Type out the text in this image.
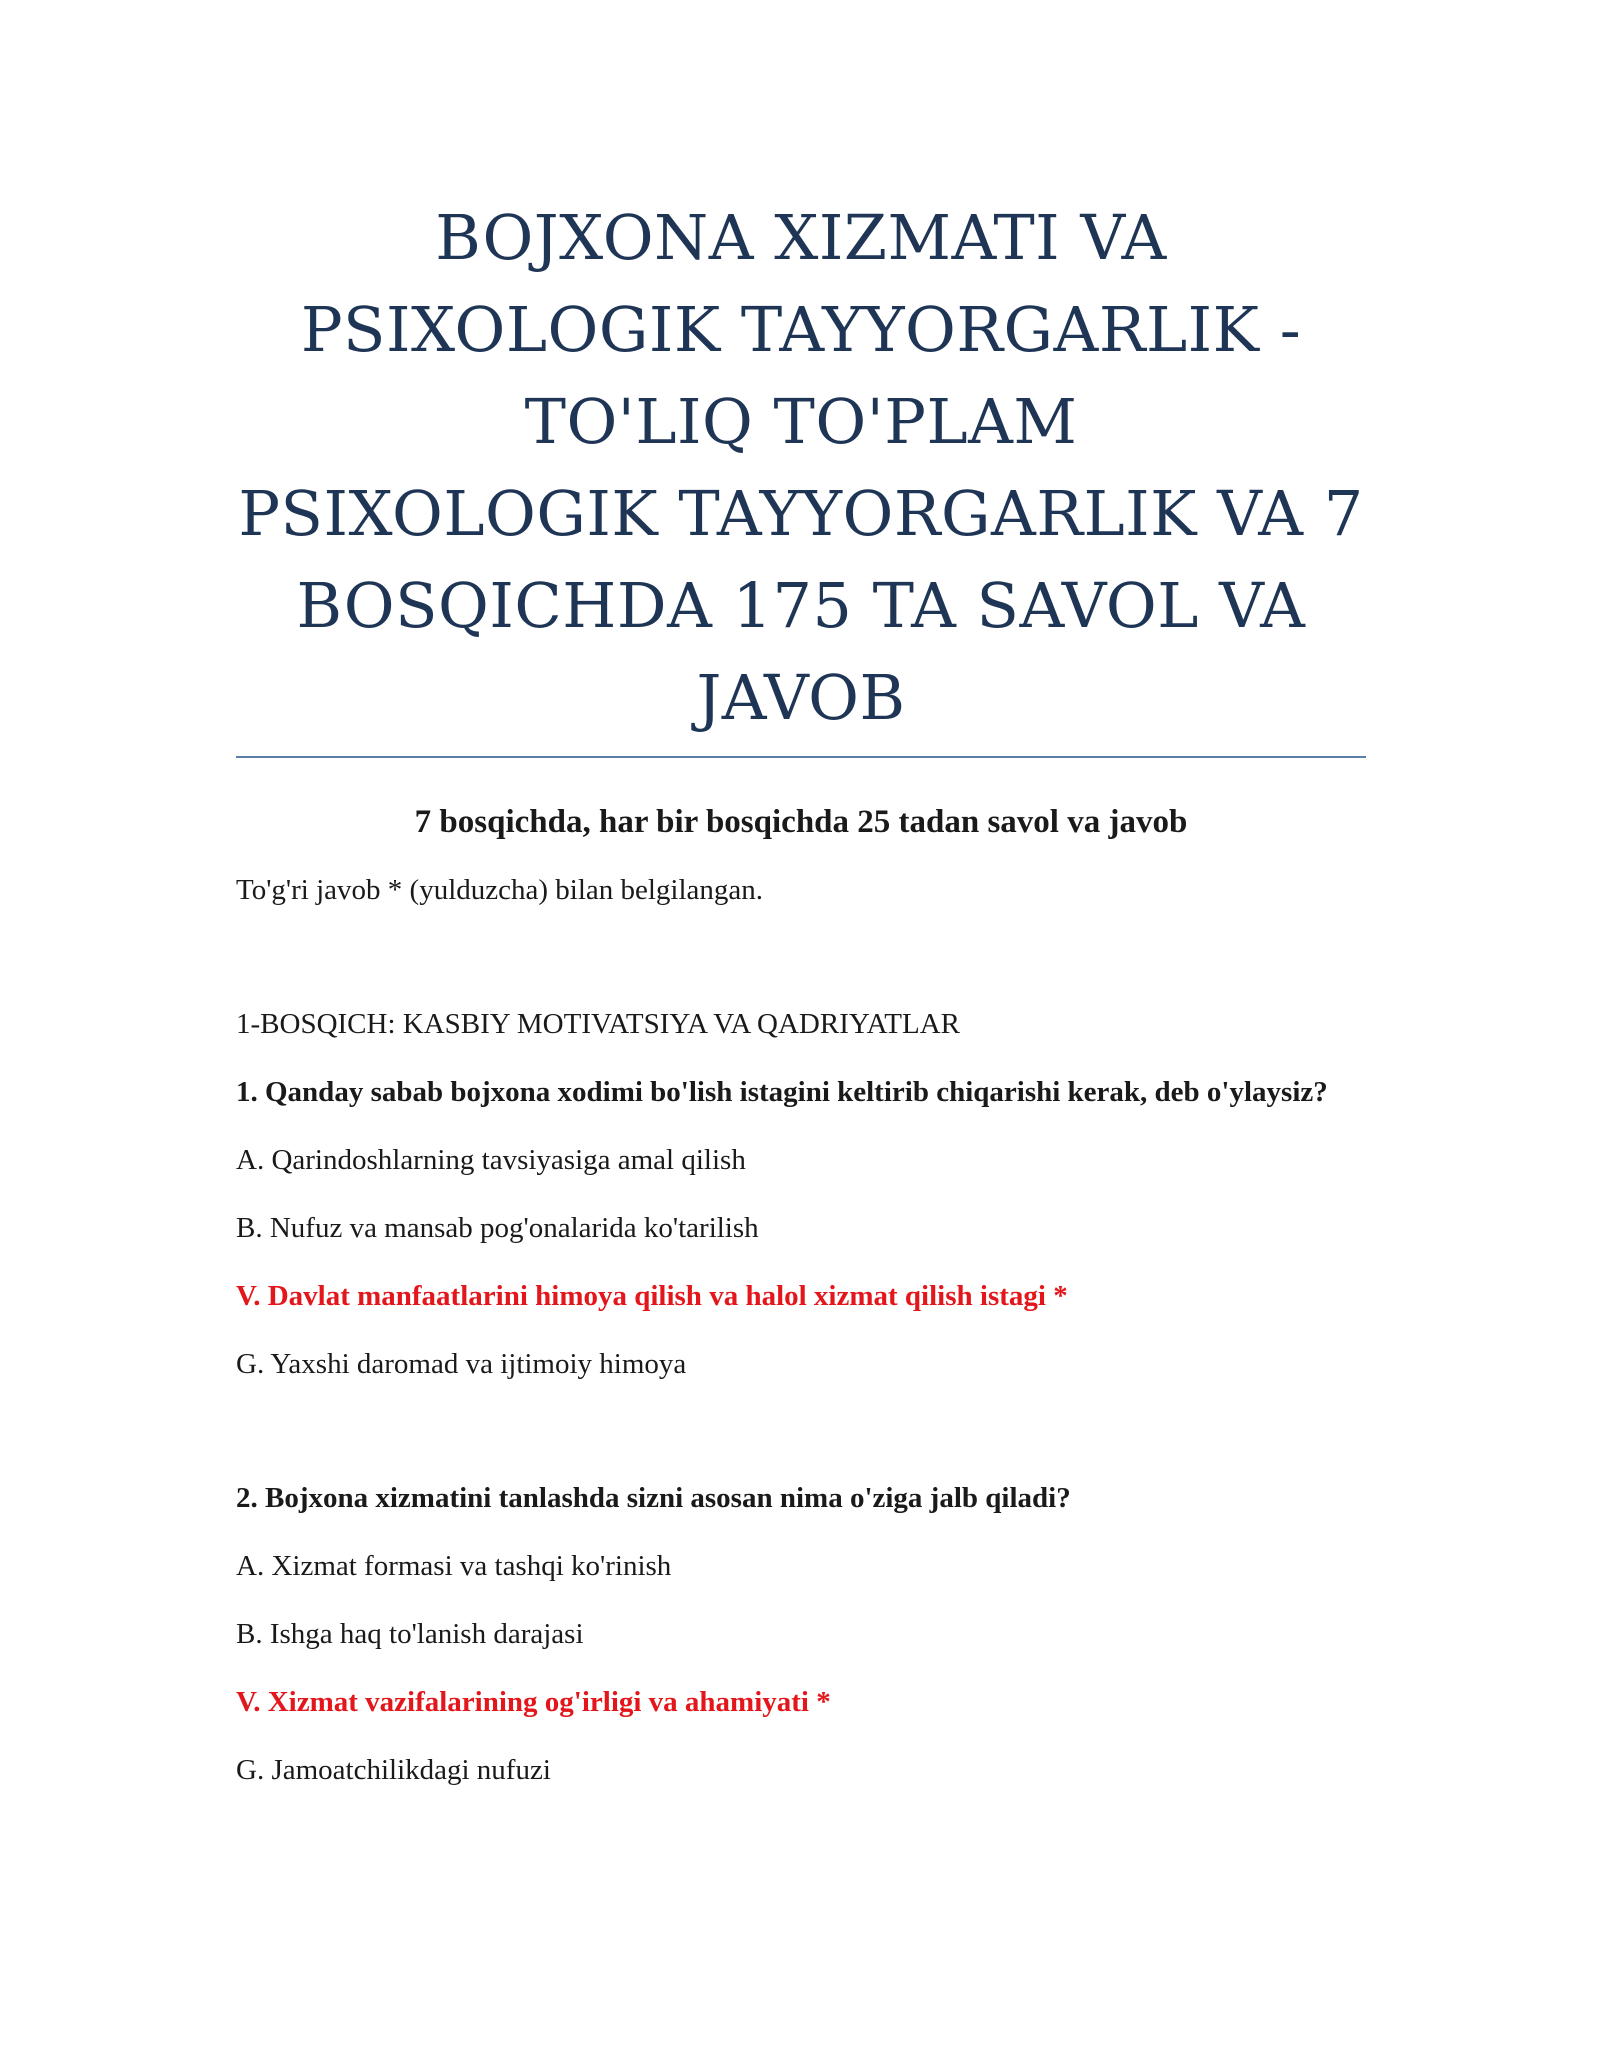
BOJXONA XIZMATI VA
PSIXOLOGIK TAYYORGARLIK -
TO'LIQ TO'PLAM
PSIXOLOGIK TAYYORGARLIK VA 7
BOSQICHDA 175 TA SAVOL VA
JAVOB
7 bosqichda, har bir bosqichda 25 tadan savol va javob
To'g'ri javob * (yulduzcha) bilan belgilangan.
1-BOSQICH: KASBIY MOTIVATSIYA VA QADRIYATLAR
1. Qanday sabab bojxona xodimi bo'lish istagini keltirib chiqarishi kerak, deb o'ylaysiz?
A. Qarindoshlarning tavsiyasiga amal qilish
B. Nufuz va mansab pog'onalarida ko'tarilish
V. Davlat manfaatlarini himoya qilish va halol xizmat qilish istagi *
G. Yaxshi daromad va ijtimoiy himoya
2. Bojxona xizmatini tanlashda sizni asosan nima o'ziga jalb qiladi?
A. Xizmat formasi va tashqi ko'rinish
B. Ishga haq to'lanish darajasi
V. Xizmat vazifalarining og'irligi va ahamiyati *
G. Jamoatchilikdagi nufuzi
